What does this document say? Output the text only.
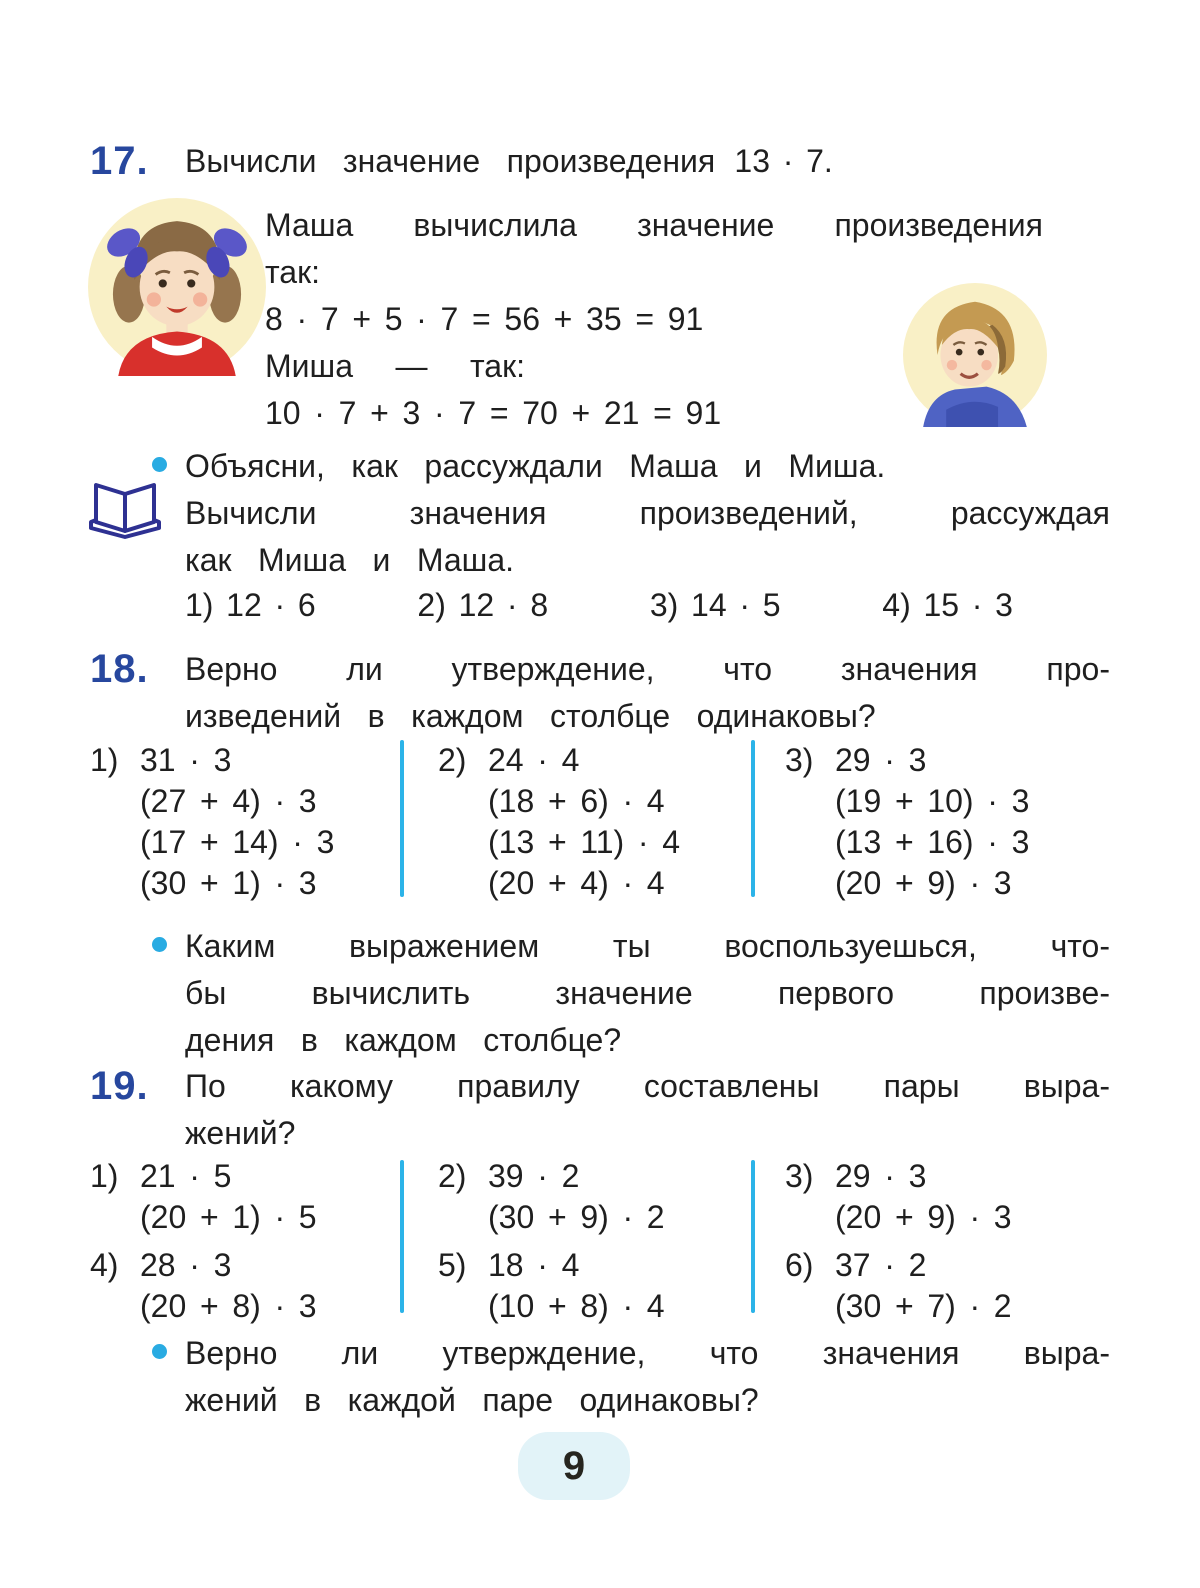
17. Вычисли значение произведения 13 · 7.
Маша вычислила значение произведения
так:
8 · 7 + 5 · 7 = 56 + 35 = 91
Миша — так:
10 · 7 + 3 · 7 = 70 + 21 = 91
Объясни, как рассуждали Маша и Миша.
Вычисли значения произведений, рассуждая
как Миша и Маша.
1) 12 · 6	2) 12 · 8	3) 14 · 5	4) 15 · 3
18. Верно ли утверждение, что значения про-
изведений в каждом столбце одинаковы?
1) 31 · 3
(27 + 4) · 3
(17 + 14) · 3
(30 + 1) · 3
2) 24 · 4
(18 + 6) · 4
(13 + 11) · 4
(20 + 4) · 4
3) 29 · 3
(19 + 10) · 3
(13 + 16) · 3
(20 + 9) · 3
Каким выражением ты воспользуешься, что-
бы вычислить значение первого произве-
дения в каждом столбце?
19. По какому правилу составлены пары выра-
жений?
1) 21 · 5
(20 + 1) · 5
4) 28 · 3
(20 + 8) · 3
2) 39 · 2
(30 + 9) · 2
5) 18 · 4
(10 + 8) · 4
3) 29 · 3
(20 + 9) · 3
6) 37 · 2
(30 + 7) · 2
Верно ли утверждение, что значения выра-
жений в каждой паре одинаковы?
9
